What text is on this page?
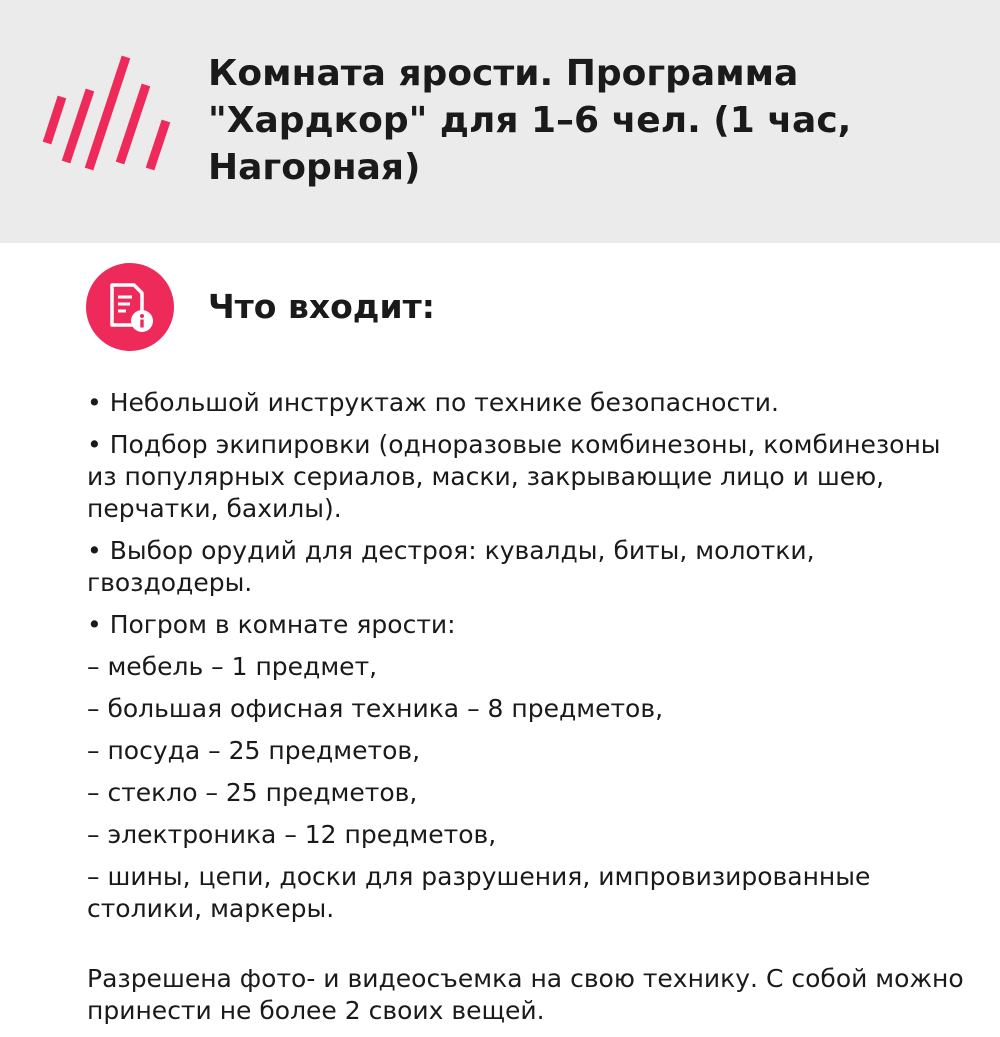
Комната ярости. Программа "Хардкор" для 1–6 чел. (1 час, Нагорная)
Что входит:

• Небольшой инструктаж по технике безопасности.

• Подбор экипировки (одноразовые комбинезоны, комбинезоны из популярных сериалов, маски, закрывающие лицо и шею, перчатки, бахилы).

• Выбор орудий для дестроя: кувалды, биты, молотки, гвоздодеры.

• Погром в комнате ярости:

– мебель – 1 предмет,

– большая офисная техника – 8 предметов,

– посуда – 25 предметов,

– стекло – 25 предметов,

– электроника – 12 предметов,

– шины, цепи, доски для разрушения, импровизированные столики, маркеры.

Разрешена фото- и видеосъемка на свою технику. С собой можно принести не более 2 своих вещей.
